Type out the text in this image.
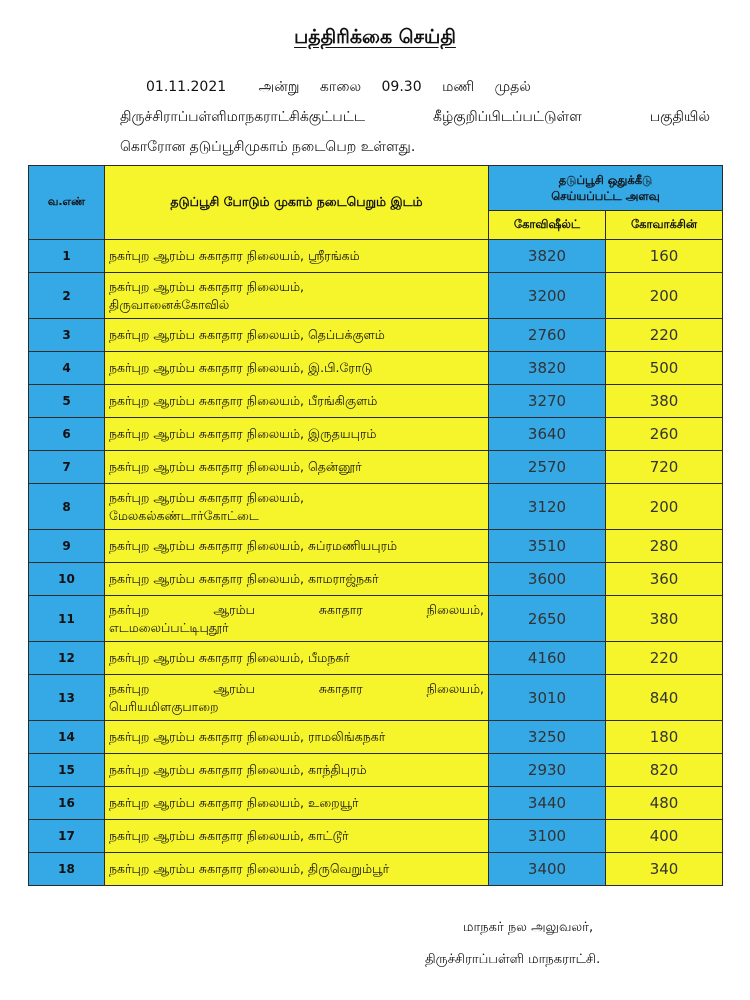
பத்திரிக்கை செய்தி
01.11.2021 அன்று காலை 09.30 மணி முதல்
திருச்சிராப்பள்ளிமாநகராட்சிக்குட்பட்ட	கீழ்குறிப்பிடப்பட்டுள்ள	பகுதியில்
கொரோன தடுப்பூசிமுகாம் நடைபெற உள்ளது.
வ.எண்	தடுப்பூசி போடும் முகாம் நடைபெறும் இடம்	தடுப்பூசி ஒதுக்கீடு
செய்யப்பட்ட அளவு	

		கோவிஷீல்ட்	கோவாக்சின்
1	நகர்புற ஆரம்ப சுகாதார நிலையம், ஸ்ரீரங்கம்	3820	160
2	நகர்புற ஆரம்ப சுகாதார நிலையம்,
திருவானைக்கோவில்	3200	200
3	நகர்புற ஆரம்ப சுகாதார நிலையம், தெப்பக்குளம்	2760	220
4	நகர்புற ஆரம்ப சுகாதார நிலையம், இ.பி.ரோடு	3820	500
5	நகர்புற ஆரம்ப சுகாதார நிலையம், பீரங்கிகுளம்	3270	380
6	நகர்புற ஆரம்ப சுகாதார நிலையம், இருதயபுரம்	3640	260
7	நகர்புற ஆரம்ப சுகாதார நிலையம், தென்னூர்	2570	720
8	நகர்புற ஆரம்ப சுகாதார நிலையம்,
மேலகல்கண்டார்கோட்டை	3120	200
9	நகர்புற ஆரம்ப சுகாதார நிலையம், சுப்ரமணியபுரம்	3510	280
10	நகர்புற ஆரம்ப சுகாதார நிலையம், காமராஜ்நகர்	3600	360
11	நகர்புற ஆரம்ப சுகாதார நிலையம்,
எடமலைப்பட்டிபுதூர்	2650	380
12	நகர்புற ஆரம்ப சுகாதார நிலையம், பீமநகர்	4160	220
13	நகர்புற ஆரம்ப சுகாதார நிலையம்,
பெரியமிளகுபாறை	3010	840
14	நகர்புற ஆரம்ப சுகாதார நிலையம், ராமலிங்கநகர்	3250	180
15	நகர்புற ஆரம்ப சுகாதார நிலையம், காந்திபுரம்	2930	820
16	நகர்புற ஆரம்ப சுகாதார நிலையம், உறையூர்	3440	480
17	நகர்புற ஆரம்ப சுகாதார நிலையம், காட்டூர்	3100	400
18	நகர்புற ஆரம்ப சுகாதார நிலையம், திருவெறும்பூர்	3400	340
மாநகர் நல அலுவலர்,
திருச்சிராப்பள்ளி மாநகராட்சி.
